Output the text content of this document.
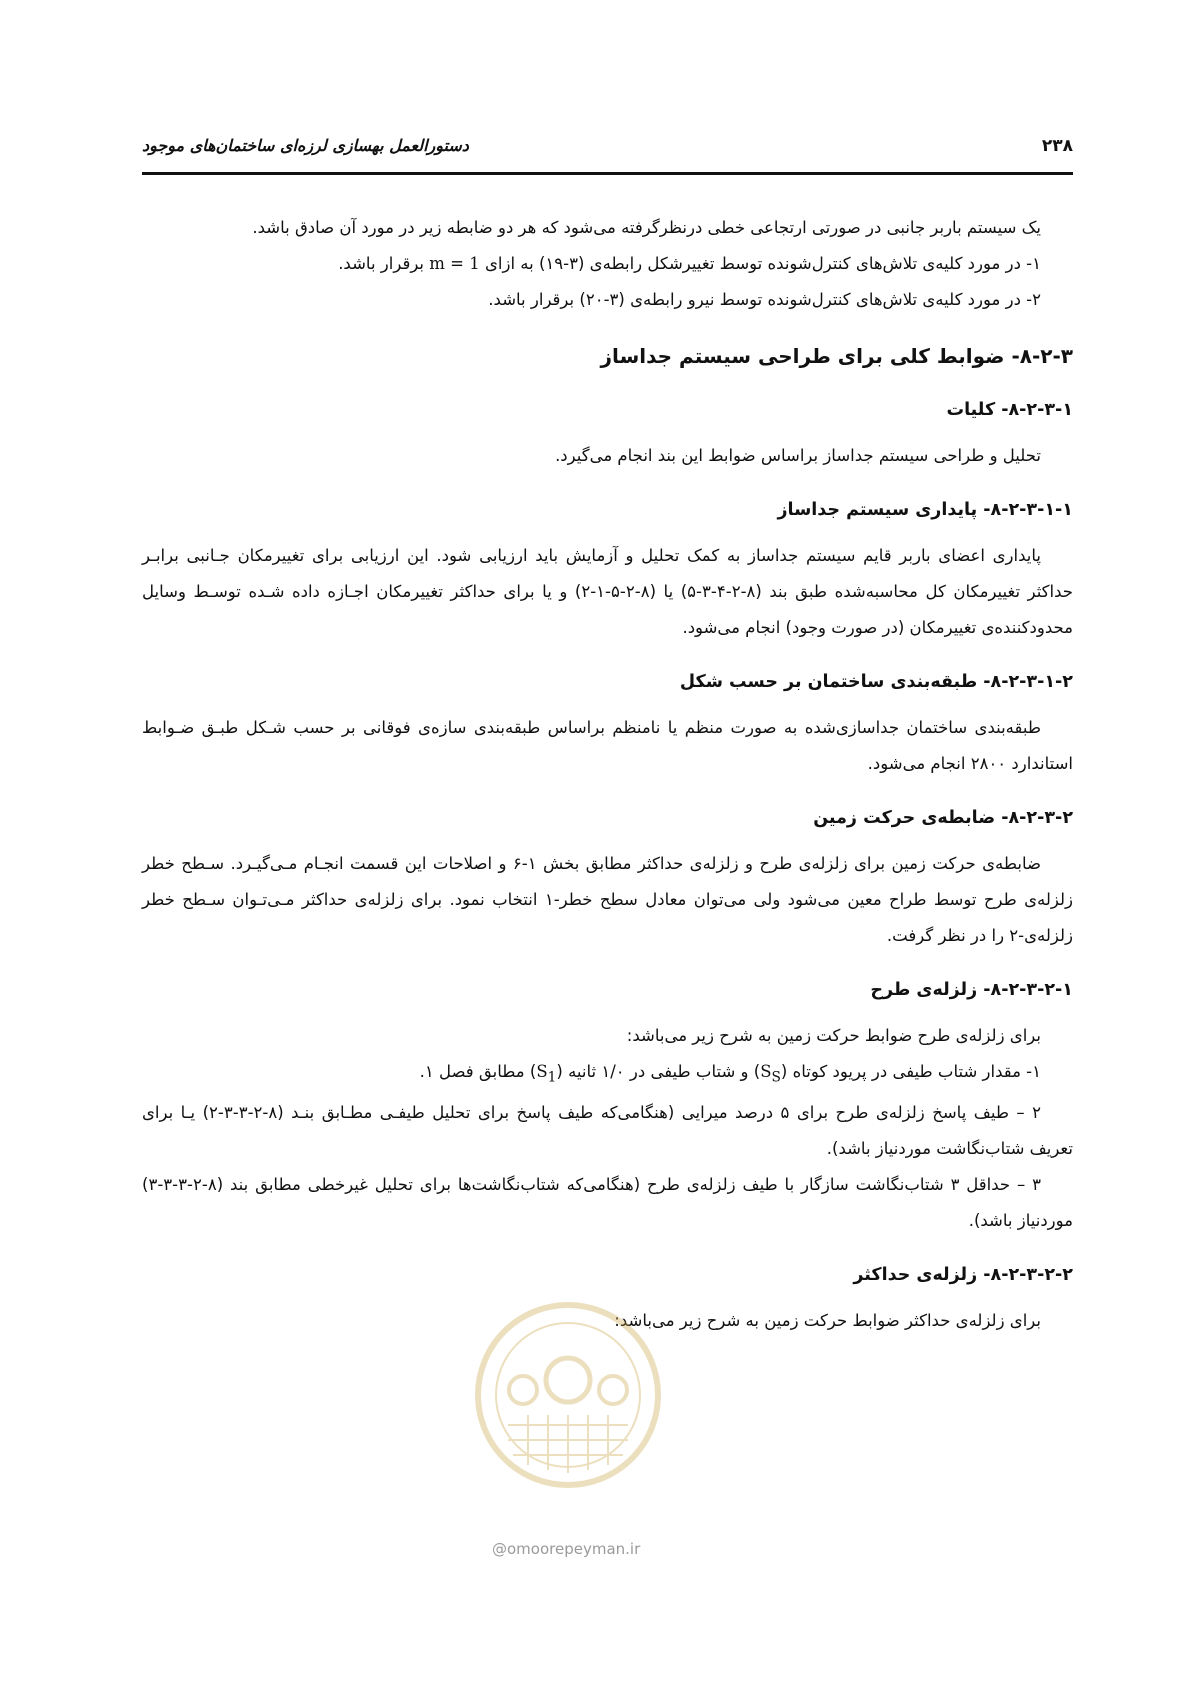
۲۳۸
دستورالعمل بهسازی لرزه‌ای ساختمان‌های موجود

یک سیستم باربر جانبی در صورتی ارتجاعی خطی درنظرگرفته می‌شود که هر دو ضابطه زیر در مورد آن صادق باشد.

۱- در مورد کلیه‌ی تلاش‌های کنترل‌شونده توسط تغییرشکل رابطه‌ی (۳-۱۹) به ازای m = 1 برقرار باشد.

۲- در مورد کلیه‌ی تلاش‌های کنترل‌شونده توسط نیرو رابطه‌ی (۳-۲۰) برقرار باشد.

۸-۲-۳- ضوابط کلی برای طراحی سیستم جداساز
۸-۲-۳-۱- کلیات

تحلیل و طراحی سیستم جداساز براساس ضوابط این بند انجام می‌گیرد.

۸-۲-۳-۱-۱- پایداری سیستم جداساز

پایداری اعضای باربر قایم سیستم جداساز به کمک تحلیل و آزمایش باید ارزیابی شود. این ارزیابی برای تغییرمکان جـانبی برابـر حداکثر تغییرمکان کل محاسبه‌شده طبق بند (۸-۲-۴-۳-۵) یا (۸-۲-۵-۱-۲) و یا برای حداکثر تغییرمکان اجـازه داده شـده توسـط وسایل محدودکننده‌ی تغییرمکان (در صورت وجود) انجام می‌شود.

۸-۲-۳-۱-۲- طبقه‌بندی ساختمان بر حسب شکل

طبقه‌بندی ساختمان جداسازی‌شده به صورت منظم یا نامنظم براساس طبقه‌بندی سازه‌ی فوقانی بر حسب شـکل طبـق ضـوابط استاندارد ۲۸۰۰ انجام می‌شود.

۸-۲-۳-۲- ضابطه‌ی حرکت زمین

ضابطه‌ی حرکت زمین برای زلزله‌ی طرح و زلزله‌ی حداکثر مطابق بخش ۱-۶ و اصلاحات این قسمت انجـام مـی‌گیـرد. سـطح خطر زلزله‌ی طرح توسط طراح معین می‌شود ولی می‌توان معادل سطح خطر-۱ انتخاب نمود. برای زلزله‌ی حداکثر مـی‌تـوان سـطح خطر زلزله‌ی-۲ را در نظر گرفت.

۸-۲-۳-۲-۱- زلزله‌ی طرح

برای زلزله‌ی طرح ضوابط حرکت زمین به شرح زیر می‌باشد:

۱- مقدار شتاب طیفی در پریود کوتاه $(S_S)$ و شتاب طیفی در ۱/۰ ثانیه $(S_1)$ مطابق فصل ۱.

۲ – طیف پاسخ زلزله‌ی طرح برای ۵ درصد میرایی (هنگامی‌که طیف پاسخ برای تحلیل طیفـی مطـابق بنـد (۸-۲-۳-۳-۲) یـا برای تعریف شتاب‌نگاشت موردنیاز باشد).

۳ – حداقل ۳ شتاب‌نگاشت سازگار با طیف زلزله‌ی طرح (هنگامی‌که شتاب‌نگاشت‌ها برای تحلیل غیرخطی مطابق بند (۸-۲-۳-۳-۳) موردنیاز باشد).

۸-۲-۳-۲-۲- زلزله‌ی حداکثر

برای زلزله‌ی حداکثر ضوابط حرکت زمین به شرح زیر می‌باشد:

@omoorepeyman.ir
